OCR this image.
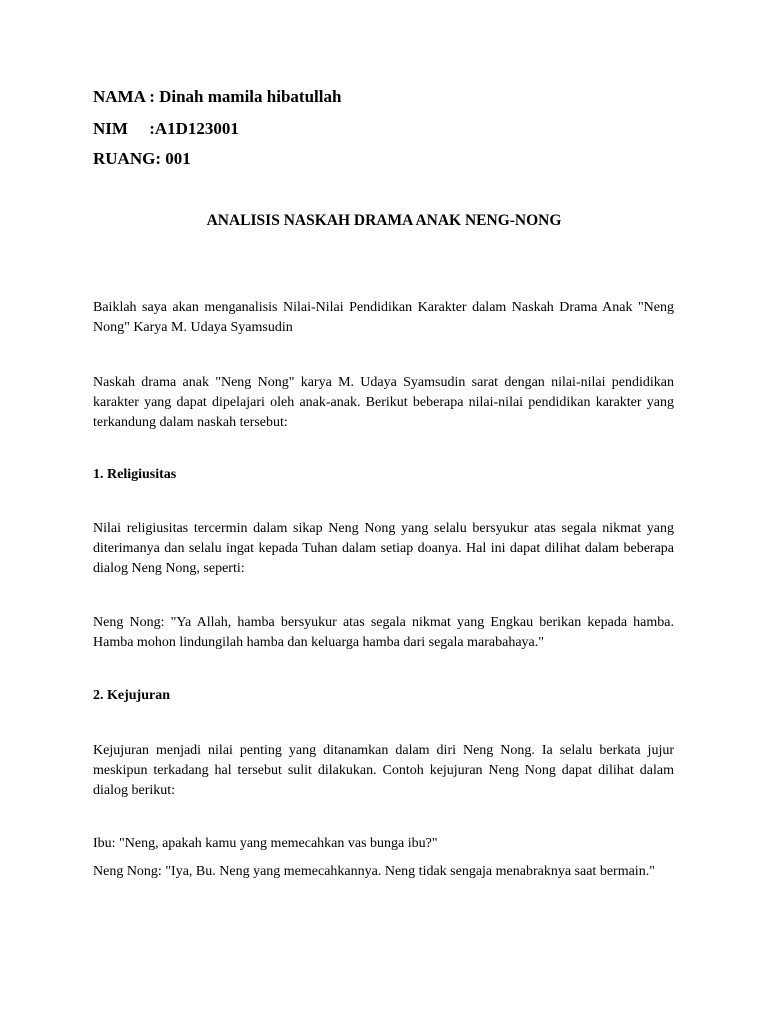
NAMA : Dinah mamila hibatullah

NIM     :A1D123001

RUANG: 001

ANALISIS NASKAH DRAMA ANAK NENG-NONG

Baiklah saya akan menganalisis Nilai-Nilai Pendidikan Karakter dalam Naskah Drama Anak "Neng Nong" Karya M. Udaya Syamsudin

Naskah drama anak "Neng Nong" karya M. Udaya Syamsudin sarat dengan nilai-nilai pendidikan karakter yang dapat dipelajari oleh anak-anak. Berikut beberapa nilai-nilai pendidikan karakter yang terkandung dalam naskah tersebut:

1. Religiusitas

Nilai religiusitas tercermin dalam sikap Neng Nong yang selalu bersyukur atas segala nikmat yang diterimanya dan selalu ingat kepada Tuhan dalam setiap doanya. Hal ini dapat dilihat dalam beberapa dialog Neng Nong, seperti:

Neng Nong: "Ya Allah, hamba bersyukur atas segala nikmat yang Engkau berikan kepada hamba. Hamba mohon lindungilah hamba dan keluarga hamba dari segala marabahaya."

2. Kejujuran

Kejujuran menjadi nilai penting yang ditanamkan dalam diri Neng Nong. Ia selalu berkata jujur meskipun terkadang hal tersebut sulit dilakukan. Contoh kejujuran Neng Nong dapat dilihat dalam dialog berikut:

Ibu: "Neng, apakah kamu yang memecahkan vas bunga ibu?"

Neng Nong: "Iya, Bu. Neng yang memecahkannya. Neng tidak sengaja menabraknya saat bermain."
